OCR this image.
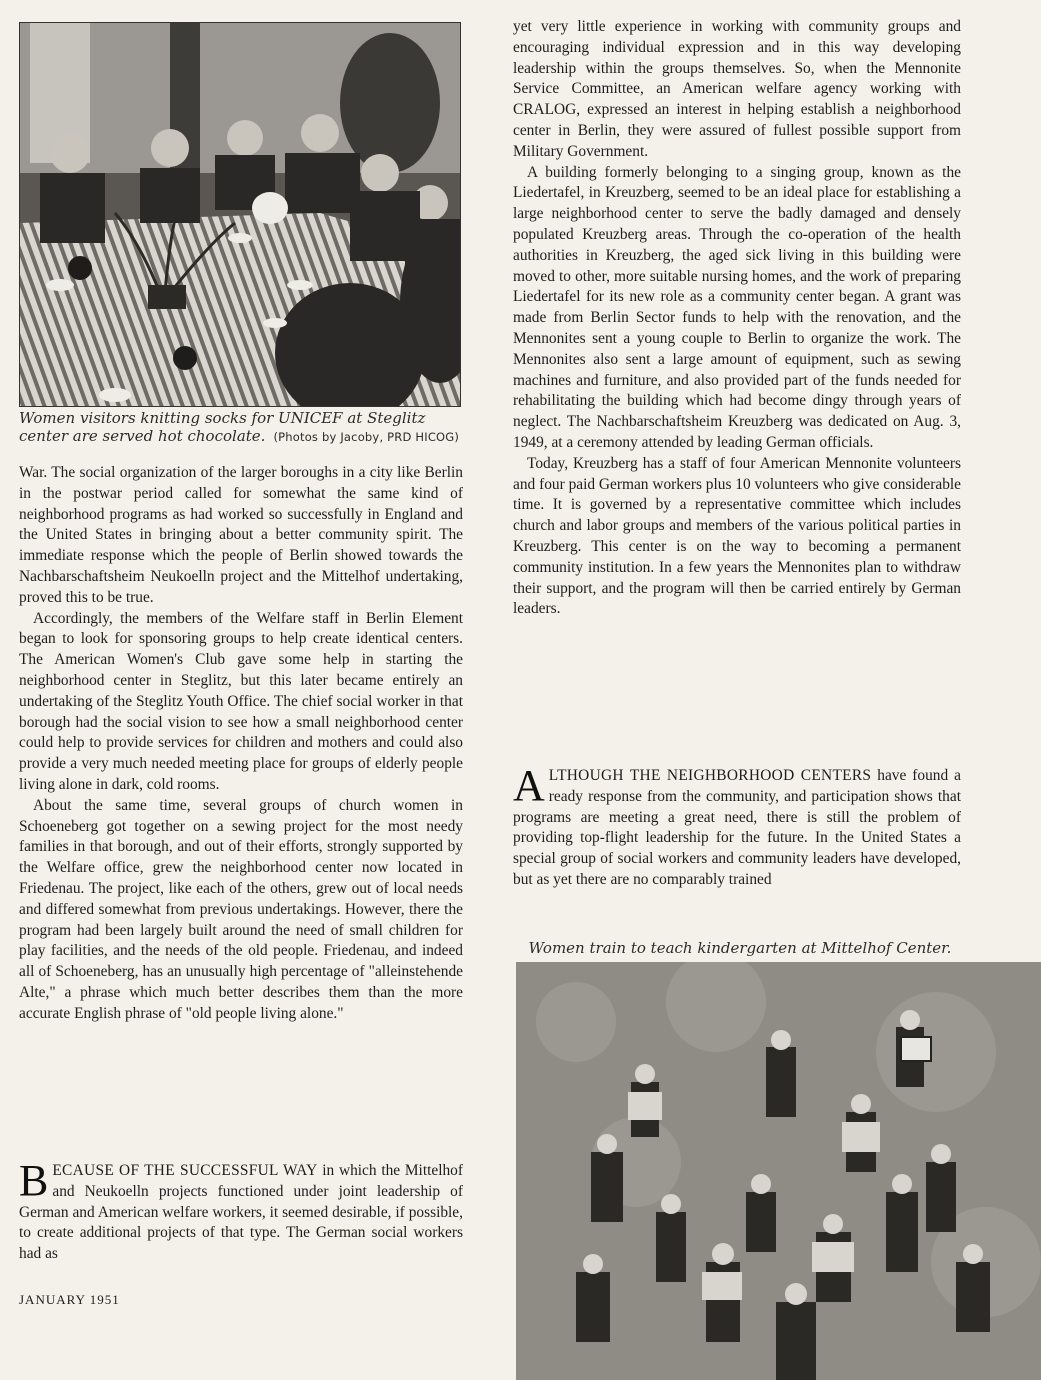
Women visitors knitting socks for UNICEF at Steglitz center are served hot chocolate. (Photos by Jacoby, PRD HICOG)

War. The social organization of the larger boroughs in a city like Berlin in the postwar period called for somewhat the same kind of neighborhood programs as had worked so successfully in England and the United States in bringing about a better community spirit. The immediate response which the people of Berlin showed towards the Nachbarschaftsheim Neukoelln project and the Mittelhof undertaking, proved this to be true.

Accordingly, the members of the Welfare staff in Berlin Element began to look for sponsoring groups to help create identical centers. The American Women's Club gave some help in starting the neighborhood center in Steglitz, but this later became entirely an undertaking of the Steglitz Youth Office. The chief social worker in that borough had the social vision to see how a small neighborhood center could help to provide services for children and mothers and could also provide a very much needed meeting place for groups of elderly people living alone in dark, cold rooms.

About the same time, several groups of church women in Schoeneberg got together on a sewing project for the most needy families in that borough, and out of their efforts, strongly supported by the Welfare office, grew the neighborhood center now located in Friedenau. The project, like each of the others, grew out of local needs and differed somewhat from previous undertakings. However, there the program had been largely built around the need of small children for play facilities, and the needs of the old people. Friedenau, and indeed all of Schoeneberg, has an unusually high percentage of "alleinstehende Alte," a phrase which much better describes them than the more accurate English phrase of "old people living alone."

BECAUSE OF THE SUCCESSFUL WAY in which the Mittelhof and Neukoelln projects functioned under joint leadership of German and American welfare workers, it seemed desirable, if possible, to create additional projects of that type. The German social workers had as

JANUARY 1951

yet very little experience in working with community groups and encouraging individual expression and in this way developing leadership within the groups themselves. So, when the Mennonite Service Committee, an American welfare agency working with CRALOG, expressed an interest in helping establish a neighborhood center in Berlin, they were assured of fullest possible support from Military Government.

A building formerly belonging to a singing group, known as the Liedertafel, in Kreuzberg, seemed to be an ideal place for establishing a large neighborhood center to serve the badly damaged and densely populated Kreuzberg areas. Through the co-operation of the health authorities in Kreuzberg, the aged sick living in this building were moved to other, more suitable nursing homes, and the work of preparing Liedertafel for its new role as a community center began. A grant was made from Berlin Sector funds to help with the renovation, and the Mennonites sent a young couple to Berlin to organize the work. The Mennonites also sent a large amount of equipment, such as sewing machines and furniture, and also provided part of the funds needed for rehabilitating the building which had become dingy through years of neglect. The Nachbarschaftsheim Kreuzberg was dedicated on Aug. 3, 1949, at a ceremony attended by leading German officials.

Today, Kreuzberg has a staff of four American Mennonite volunteers and four paid German workers plus 10 volunteers who give considerable time. It is governed by a representative committee which includes church and labor groups and members of the various political parties in Kreuzberg. This center is on the way to becoming a permanent community institution. In a few years the Mennonites plan to withdraw their support, and the program will then be carried entirely by German leaders.

ALTHOUGH THE NEIGHBORHOOD CENTERS have found a ready response from the community, and participation shows that programs are meeting a great need, there is still the problem of providing top-flight leadership for the future. In the United States a special group of social workers and community leaders have developed, but as yet there are no comparably trained

Women train to teach kindergarten at Mittelhof Center.
